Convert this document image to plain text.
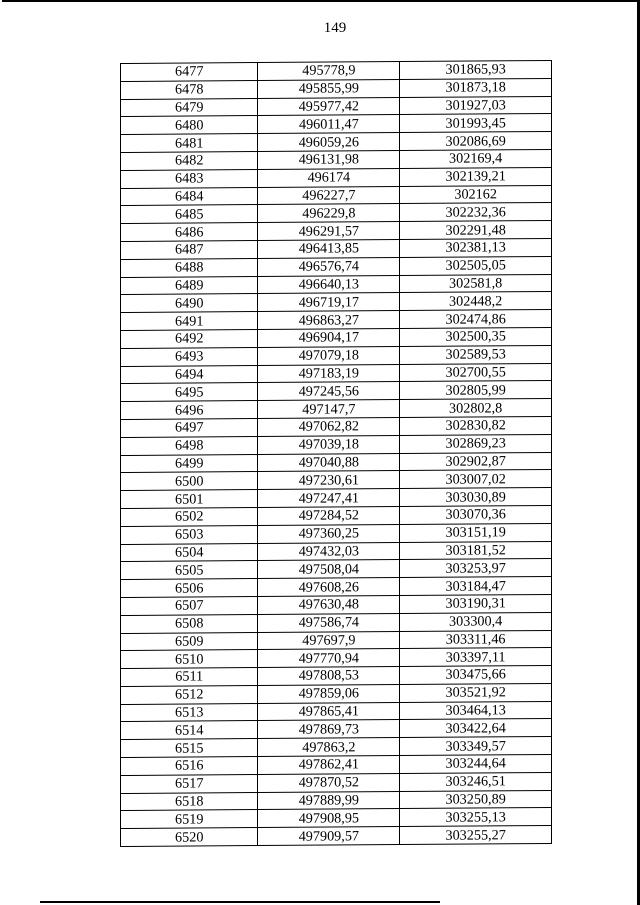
149
6477	495778,9	301865,93
6478	495855,99	301873,18
6479	495977,42	301927,03
6480	496011,47	301993,45
6481	496059,26	302086,69
6482	496131,98	302169,4
6483	496174	302139,21
6484	496227,7	302162
6485	496229,8	302232,36
6486	496291,57	302291,48
6487	496413,85	302381,13
6488	496576,74	302505,05
6489	496640,13	302581,8
6490	496719,17	302448,2
6491	496863,27	302474,86
6492	496904,17	302500,35
6493	497079,18	302589,53
6494	497183,19	302700,55
6495	497245,56	302805,99
6496	497147,7	302802,8
6497	497062,82	302830,82
6498	497039,18	302869,23
6499	497040,88	302902,87
6500	497230,61	303007,02
6501	497247,41	303030,89
6502	497284,52	303070,36
6503	497360,25	303151,19
6504	497432,03	303181,52
6505	497508,04	303253,97
6506	497608,26	303184,47
6507	497630,48	303190,31
6508	497586,74	303300,4
6509	497697,9	303311,46
6510	497770,94	303397,11
6511	497808,53	303475,66
6512	497859,06	303521,92
6513	497865,41	303464,13
6514	497869,73	303422,64
6515	497863,2	303349,57
6516	497862,41	303244,64
6517	497870,52	303246,51
6518	497889,99	303250,89
6519	497908,95	303255,13
6520	497909,57	303255,27
